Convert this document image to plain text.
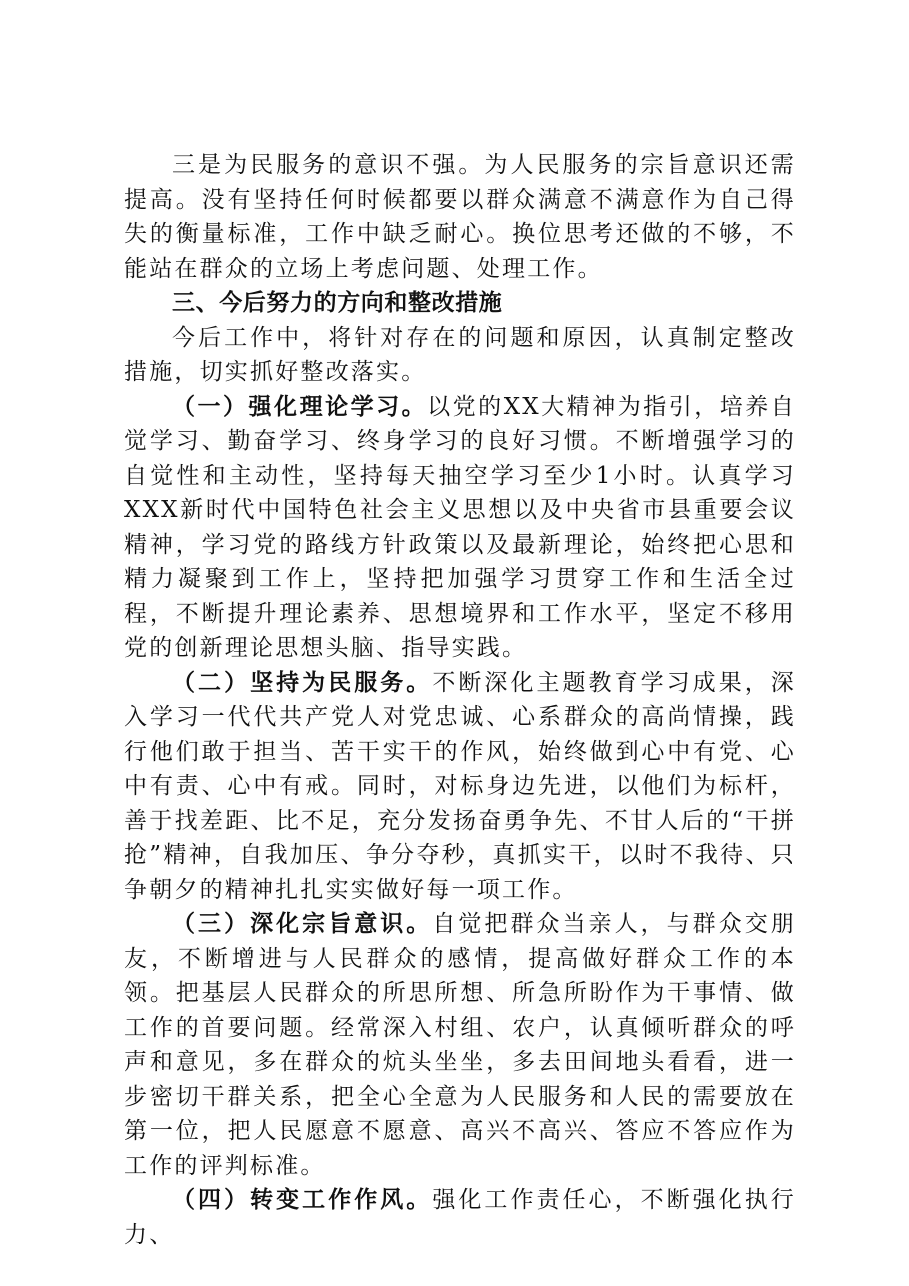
三是为民服务的意识不强。为人民服务的宗旨意识还需提高。没有坚持任何时候都要以群众满意不满意作为自己得失的衡量标准，工作中缺乏耐心。换位思考还做的不够，不能站在群众的立场上考虑问题、处理工作。

三、今后努力的方向和整改措施

今后工作中，将针对存在的问题和原因，认真制定整改措施，切实抓好整改落实。

（一）强化理论学习。以党的XX大精神为指引，培养自觉学习、勤奋学习、终身学习的良好习惯。不断增强学习的自觉性和主动性，坚持每天抽空学习至少1小时。认真学习XXX新时代中国特色社会主义思想以及中央省市县重要会议精神，学习党的路线方针政策以及最新理论，始终把心思和精力凝聚到工作上，坚持把加强学习贯穿工作和生活全过程，不断提升理论素养、思想境界和工作水平，坚定不移用党的创新理论思想头脑、指导实践。

（二）坚持为民服务。不断深化主题教育学习成果，深入学习一代代共产党人对党忠诚、心系群众的高尚情操，践行他们敢于担当、苦干实干的作风，始终做到心中有党、心中有责、心中有戒。同时，对标身边先进，以他们为标杆，善于找差距、比不足，充分发扬奋勇争先、不甘人后的“干拼抢”精神，自我加压、争分夺秒，真抓实干，以时不我待、只争朝夕的精神扎扎实实做好每一项工作。

（三）深化宗旨意识。自觉把群众当亲人，与群众交朋友，不断增进与人民群众的感情，提高做好群众工作的本领。把基层人民群众的所思所想、所急所盼作为干事情、做工作的首要问题。经常深入村组、农户，认真倾听群众的呼声和意见，多在群众的炕头坐坐，多去田间地头看看，进一步密切干群关系，把全心全意为人民服务和人民的需要放在第一位，把人民愿意不愿意、高兴不高兴、答应不答应作为工作的评判标准。

（四）转变工作作风。强化工作责任心，不断强化执行力、
